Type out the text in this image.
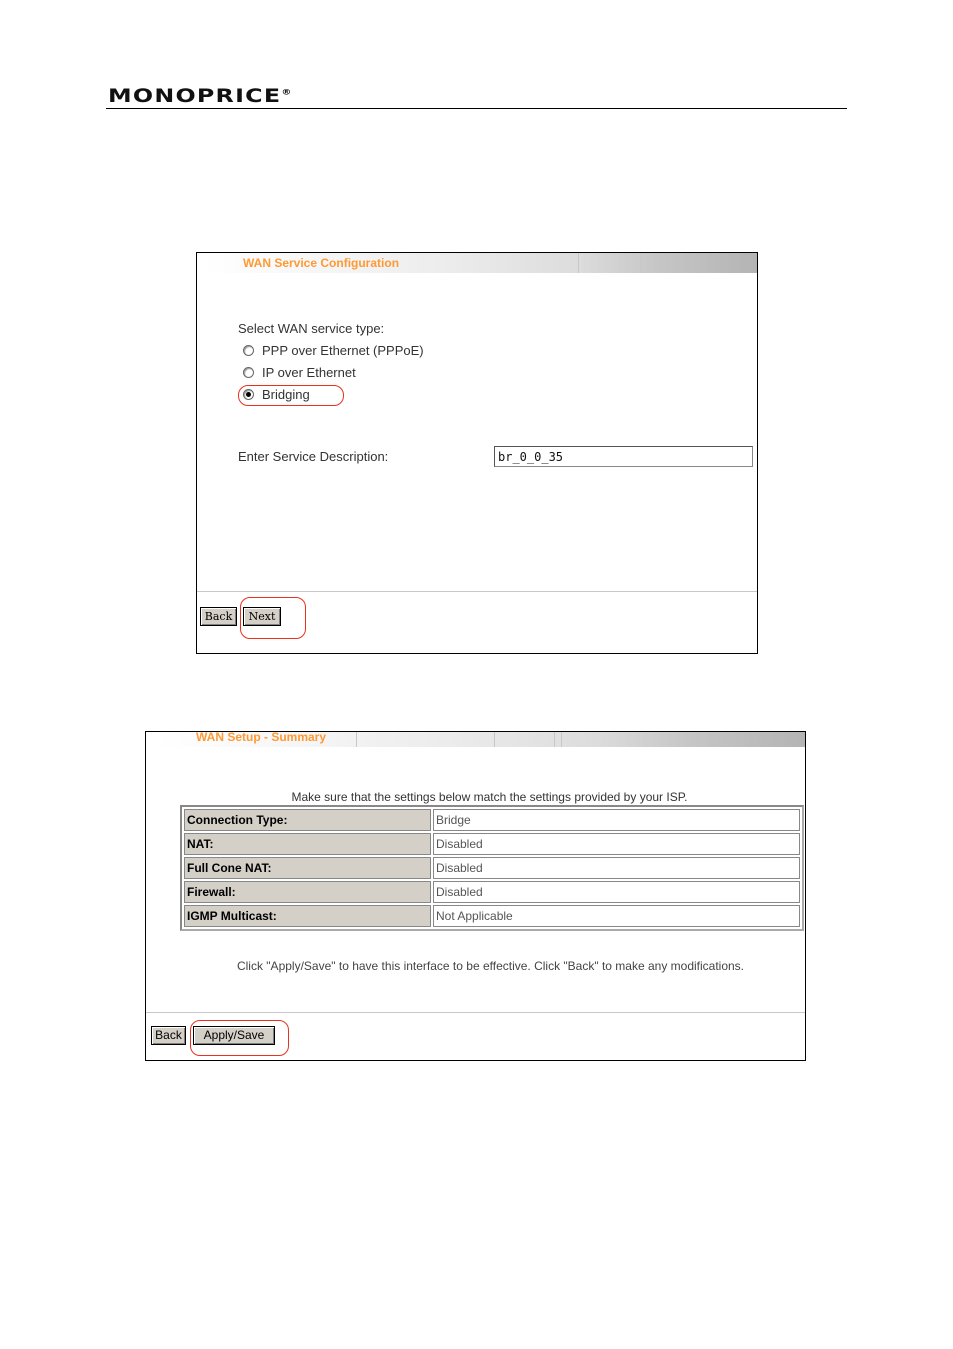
MONOPRICE®
WAN Service Configuration
Select WAN service type:
PPP over Ethernet (PPPoE)
IP over Ethernet
Bridging
Enter Service Description:
br_0_0_35
Back	Next
WAN Setup - Summary
Make sure that the settings below match the settings provided by your ISP.
Connection Type:	Bridge
NAT:	Disabled
Full Cone NAT:	Disabled
Firewall:	Disabled
IGMP Multicast:	Not Applicable
Click "Apply/Save" to have this interface to be effective. Click "Back" to make any modifications.
Back	Apply/Save
